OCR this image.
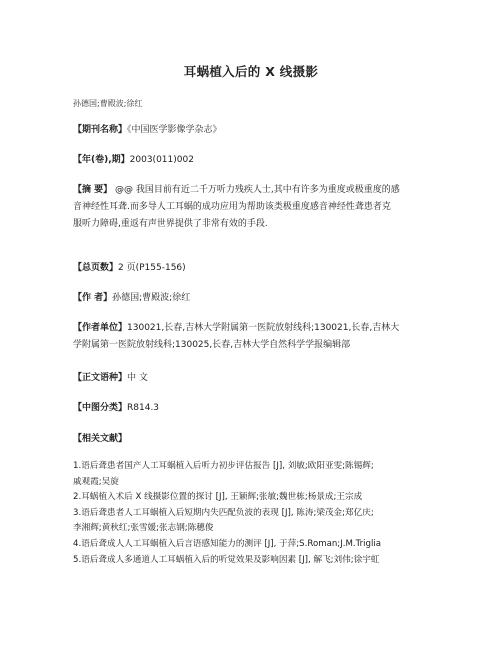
耳蜗植入后的 X 线摄影
孙德国;曹殿波;徐红
【期刊名称】《中国医学影像学杂志》
【年(卷),期】2003(011)002
【摘 要】 @@ 我国目前有近二千万听力残疾人士,其中有许多为重度或极重度的感
音神经性耳聋.而多导人工耳蜗的成功应用为帮助该类极重度感音神经性聋患者克
服听力障碍,重返有声世界提供了非常有效的手段.
【总页数】2 页(P155-156)
【作 者】孙德国;曹殿波;徐红
【作者单位】130021,长春,吉林大学附属第一医院放射线科;130021,长春,吉林大
学附属第一医院放射线科;130025,长春,吉林大学自然科学学报编辑部
【正文语种】中 文
【中图分类】R814.3
【相关文献】
1.语后聋患者国产人工耳蜗植入后听力初步评估报告 [J], 刘敏;欧阳亚雯;陈锡辉;
戚观霞;吴旋
2.耳蜗植入术后 X 线摄影位置的探讨 [J], 王颖辉;张敏;魏世栋;杨景成;王宗成
3.语后聋患者人工耳蜗植入后短期内失匹配负波的表现 [J], 陈涛;梁茂金;郑亿庆;
李湘辉;黄秋红;张雪媛;张志钢;陈穗俊
4.语后聋成人人工耳蜗植入后言语感知能力的测评 [J], 于萍;S.Roman;J.M.Triglia
5.语后聋成人多通道人工耳蜗植入后的听觉效果及影响因素 [J], 解飞;刘伟;徐宇虹
